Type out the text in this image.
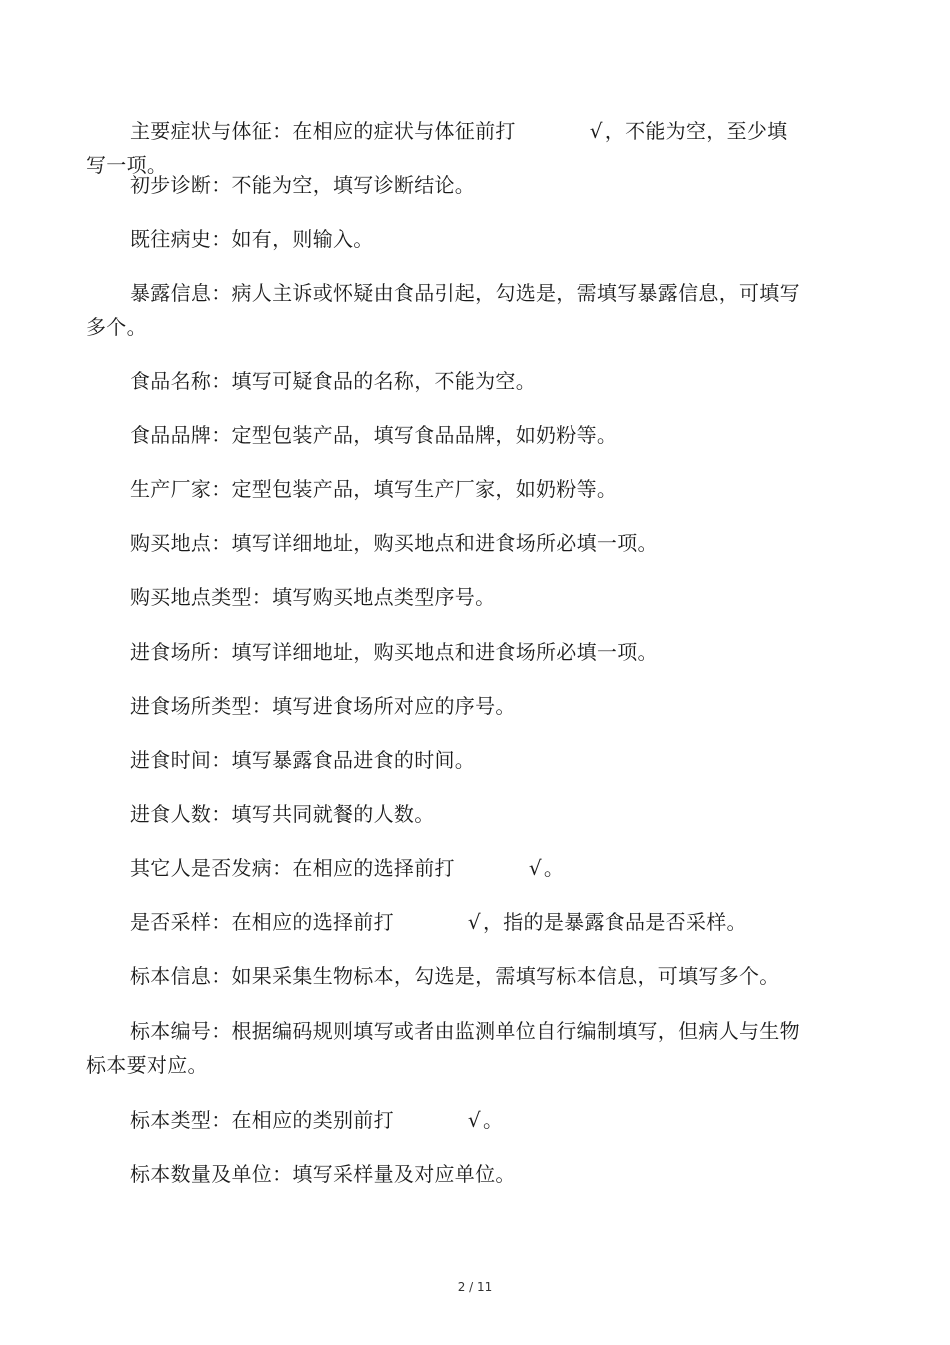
主要症状与体征：在相应的症状与体征前打	√ ，不能为空，至少填写一项。

初步诊断：不能为空，填写诊断结论。

既往病史：如有，则输入。

暴露信息：病人主诉或怀疑由食品引起，勾选是，需填写暴露信息，可填写多个。

食品名称：填写可疑食品的名称，不能为空。

食品品牌：定型包装产品，填写食品品牌，如奶粉等。

生产厂家：定型包装产品，填写生产厂家，如奶粉等。

购买地点：填写详细地址，购买地点和进食场所必填一项。

购买地点类型：填写购买地点类型序号。

进食场所：填写详细地址，购买地点和进食场所必填一项。

进食场所类型：填写进食场所对应的序号。

进食时间：填写暴露食品进食的时间。

进食人数：填写共同就餐的人数。

其它人是否发病：在相应的选择前打	√ 。

是否采样：在相应的选择前打	√ ，指的是暴露食品是否采样。

标本信息：如果采集生物标本，勾选是，需填写标本信息，可填写多个。

标本编号：根据编码规则填写或者由监测单位自行编制填写，但病人与生物标本要对应。

标本类型：在相应的类别前打	√ 。

标本数量及单位：填写采样量及对应单位。

2 / 11
